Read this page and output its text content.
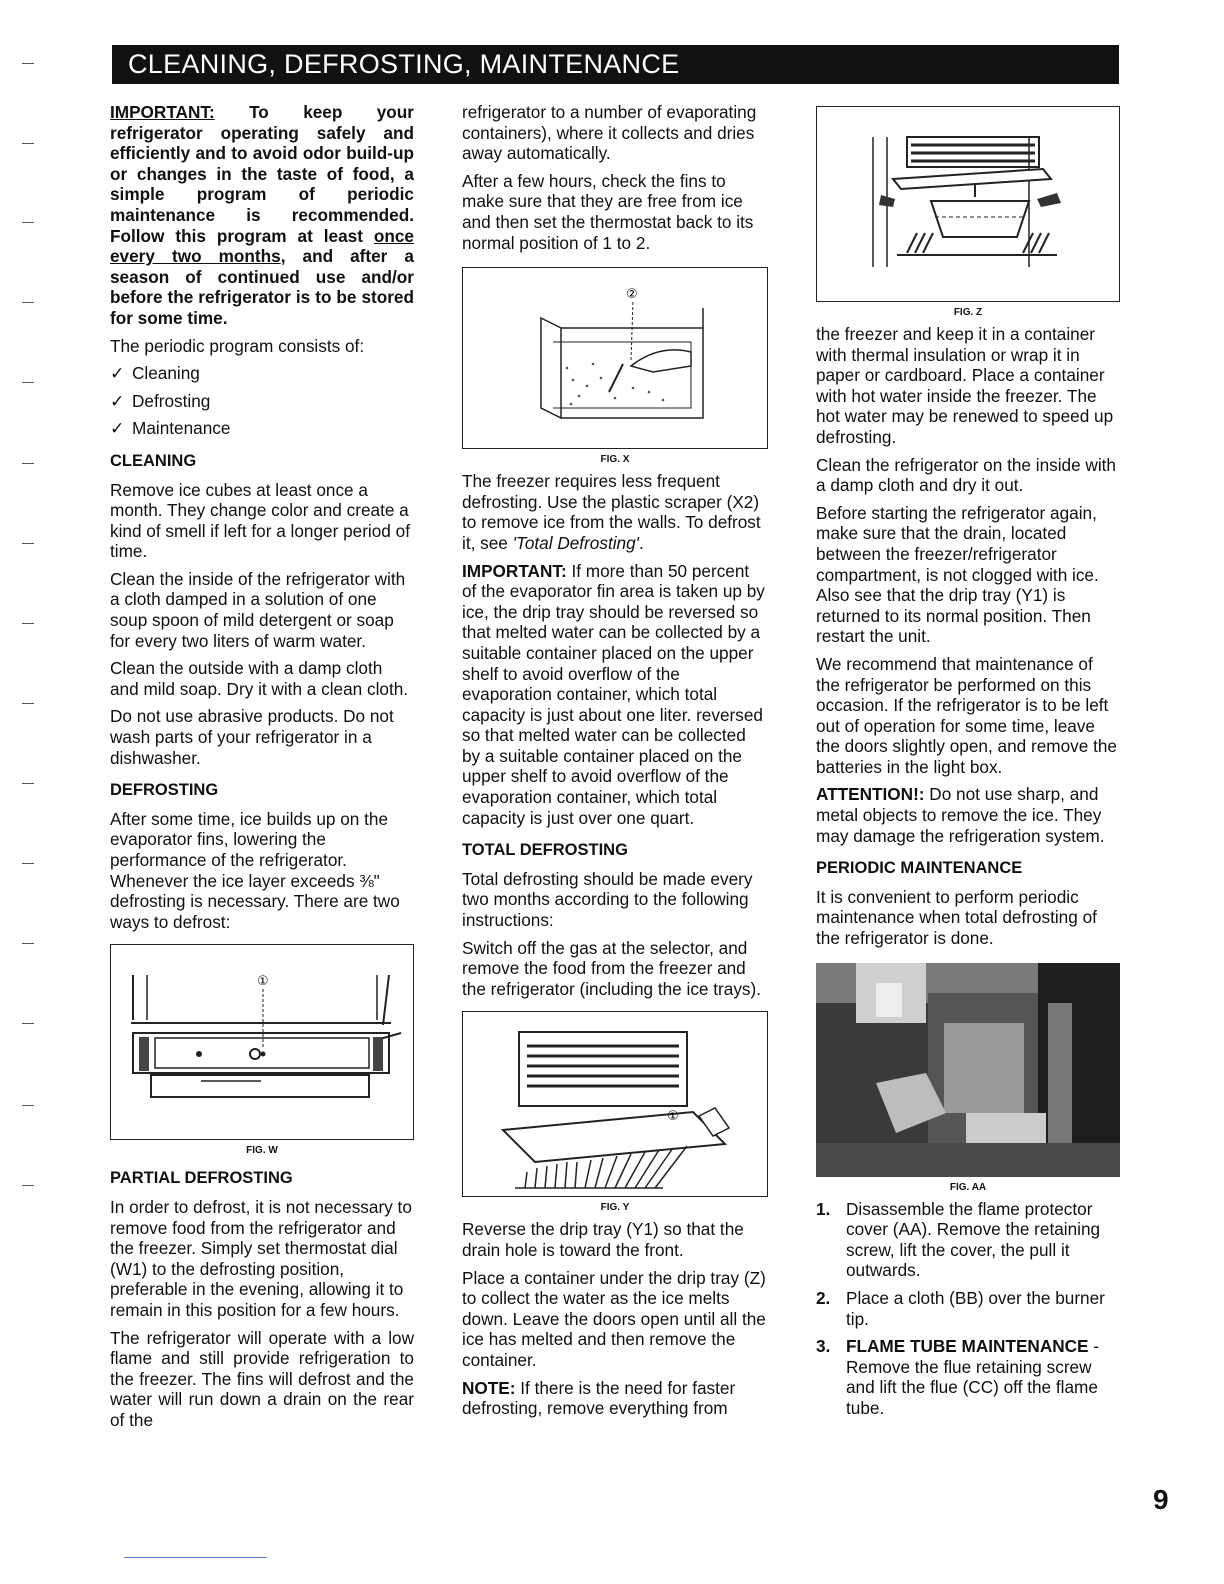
CLEANING, DEFROSTING, MAINTENANCE

IMPORTANT: To keep your refrigerator operating safely and efficiently and to avoid odor build-up or changes in the taste of food, a simple program of periodic maintenance is recommended. Follow this program at least once every two months, and after a season of continued use and/or before the refrigerator is to be stored for some time.

The periodic program consists of:

✓ Cleaning
✓ Defrosting
✓ Maintenance

CLEANING

Remove ice cubes at least once a month. They change color and create a kind of smell if left for a longer period of time.

Clean the inside of the refrigerator with a cloth damped in a solution of one soup spoon of mild detergent or soap for every two liters of warm water.

Clean the outside with a damp cloth and mild soap. Dry it with a clean cloth.

Do not use abrasive products. Do not wash parts of your refrigerator in a dishwasher.

DEFROSTING

After some time, ice builds up on the evaporator fins, lowering the performance of the refrigerator. Whenever the ice layer exceeds ⅜" defrosting is necessary. There are two ways to defrost:

①
FIG. W

PARTIAL DEFROSTING

In order to defrost, it is not necessary to remove food from the refrigerator and the freezer. Simply set thermostat dial (W1) to the defrosting position, preferable in the evening, allowing it to remain in this position for a few hours.

The refrigerator will operate with a low flame and still provide refrigeration to the freezer. The fins will defrost and the water will run down a drain on the rear of the

refrigerator to a number of evaporating containers), where it collects and dries away automatically.

After a few hours, check the fins to make sure that they are free from ice and then set the thermostat back to its normal position of 1 to 2.

②
FIG. X

The freezer requires less frequent defrosting. Use the plastic scraper (X2) to remove ice from the walls. To defrost it, see 'Total Defrosting'.

IMPORTANT: If more than 50 percent of the evaporator fin area is taken up by ice, the drip tray should be reversed so that melted water can be collected by a suitable container placed on the upper shelf to avoid overflow of the evaporation container, which total capacity is just about one liter. reversed so that melted water can be collected by a suitable container placed on the upper shelf to avoid overflow of the evaporation container, which total capacity is just over one quart.

TOTAL DEFROSTING

Total defrosting should be made every two months according to the following instructions:

Switch off the gas at the selector, and remove the food from the freezer and the refrigerator (including the ice trays).

①
FIG. Y

Reverse the drip tray (Y1) so that the drain hole is toward the front.

Place a container under the drip tray (Z) to collect the water as the ice melts down. Leave the doors open until all the ice has melted and then remove the container.

NOTE: If there is the need for faster defrosting, remove everything from

FIG. Z

the freezer and keep it in a container with thermal insulation or wrap it in paper or cardboard. Place a container with hot water inside the freezer. The hot water may be renewed to speed up defrosting.

Clean the refrigerator on the inside with a damp cloth and dry it out.

Before starting the refrigerator again, make sure that the drain, located between the freezer/refrigerator compartment, is not clogged with ice. Also see that the drip tray (Y1) is returned to its normal position. Then restart the unit.

We recommend that maintenance of the refrigerator be performed on this occasion. If the refrigerator is to be left out of operation for some time, leave the doors slightly open, and remove the batteries in the light box.

ATTENTION!: Do not use sharp, and metal objects to remove the ice. They may damage the refrigeration system.

PERIODIC MAINTENANCE

It is convenient to perform periodic maintenance when total defrosting of the refrigerator is done.

FIG. AA
1. Disassemble the flame protector cover (AA). Remove the retaining screw, lift the cover, the pull it outwards.
2. Place a cloth (BB) over the burner tip.
3. FLAME TUBE MAINTENANCE - Remove the flue retaining screw and lift the flue (CC) off the flame tube.
9
